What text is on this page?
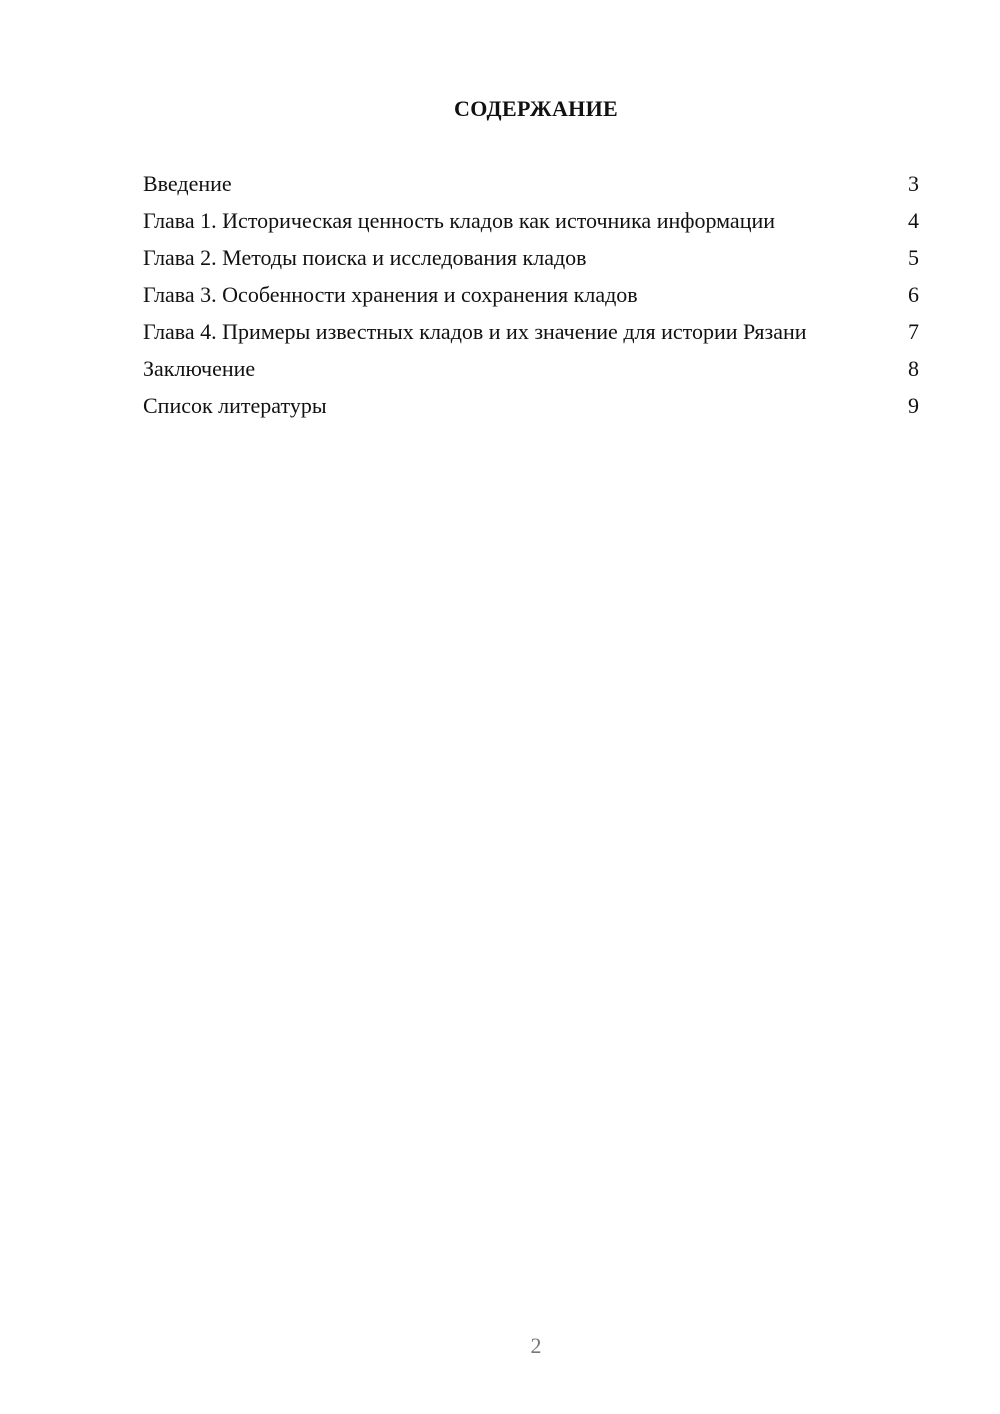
СОДЕРЖАНИЕ
Введение	3
Глава 1. Историческая ценность кладов как источника информации	4
Глава 2. Методы поиска и исследования кладов	5
Глава 3. Особенности хранения и сохранения кладов	6
Глава 4. Примеры известных кладов и их значение для истории Рязани	7
Заключение	8
Список литературы	9
2
